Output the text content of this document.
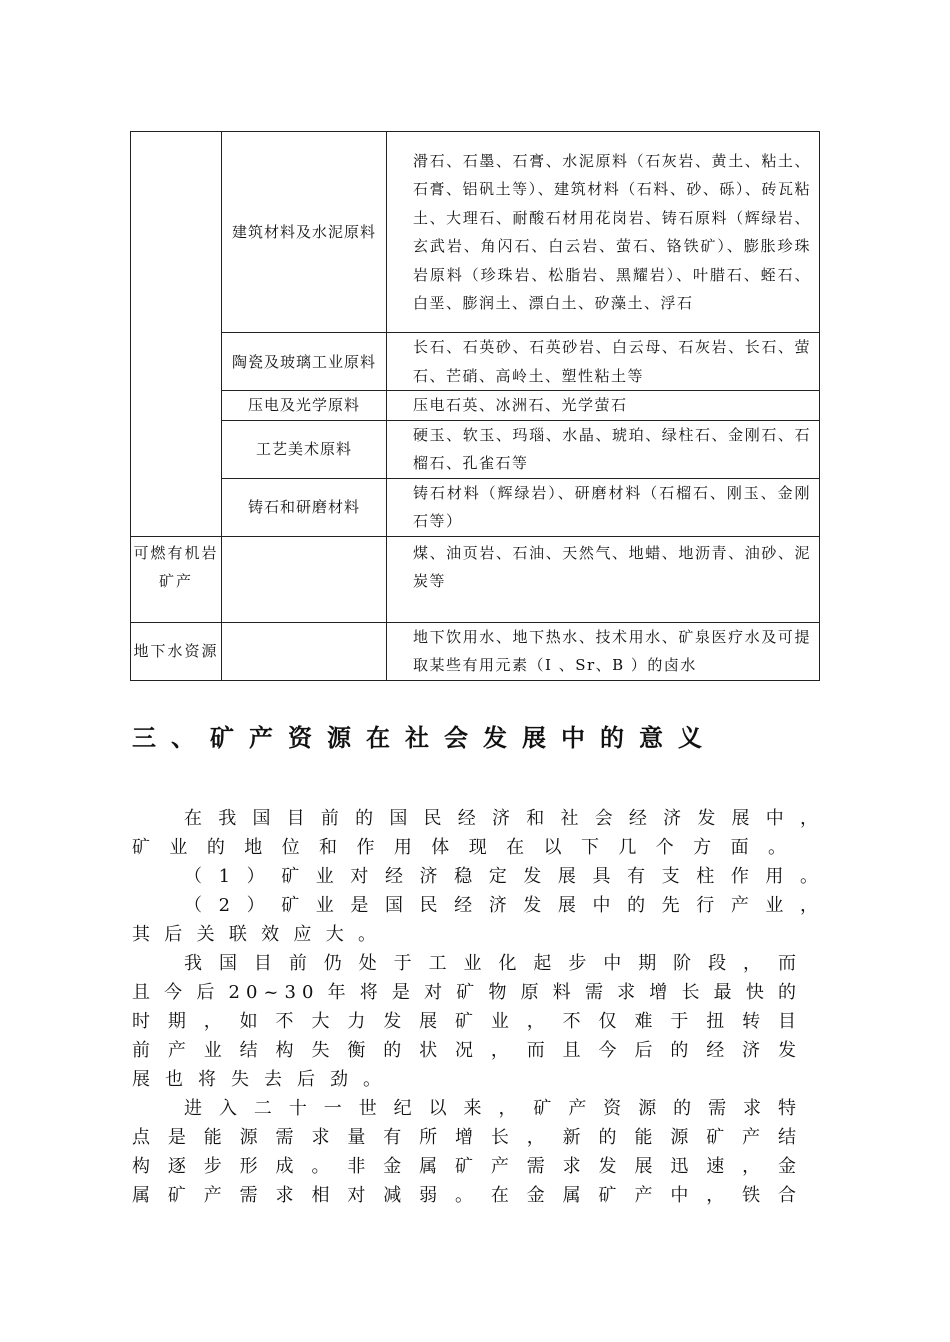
	建筑材料及水泥原料	滑石、石墨、石膏、水泥原料（石灰岩、黄土、粘土、石膏、铝矾土等）、建筑材料（石料、砂、砾）、砖瓦粘土、大理石、耐酸石材用花岗岩、铸石原料（辉绿岩、玄武岩、角闪石、白云岩、萤石、铬铁矿）、膨胀珍珠岩原料（珍珠岩、松脂岩、黑耀岩）、叶腊石、蛭石、白垩、膨润土、漂白土、矽藻土、浮石
	陶瓷及玻璃工业原料	长石、石英砂、石英砂岩、白云母、石灰岩、长石、萤石、芒硝、高岭土、塑性粘土等
	压电及光学原料	压电石英、冰洲石、光学萤石
	工艺美术原料	硬玉、软玉、玛瑙、水晶、琥珀、绿柱石、金刚石、石榴石、孔雀石等
	铸石和研磨材料	铸石材料（辉绿岩）、研磨材料（石榴石、刚玉、金刚石等）
可燃有机岩矿产		煤、油页岩、石油、天然气、地蜡、地沥青、油砂、泥炭等
地下水资源		地下饮用水、地下热水、技术用水、矿泉医疗水及可提取某些有用元素（I 、Sr、B ）的卤水
三、矿产资源在社会发展中的意义
在我国目前的国民经济和社会经济发展中，
矿业的地位和作用体现在以下几个方面。
（1）矿业对经济稳定发展具有支柱作用。
（2）矿业是国民经济发展中的先行产业，
其后关联效应大。
我国目前仍处于工业化起步中期阶段，而
且今后20~30年将是对矿物原料需求增长最快的
时期，如不大力发展矿业，不仅难于扭转目
前产业结构失衡的状况，而且今后的经济发
展也将失去后劲。
进入二十一世纪以来，矿产资源的需求特
点是能源需求量有所增长，新的能源矿产结
构逐步形成。非金属矿产需求发展迅速，金
属矿产需求相对减弱。在金属矿产中，铁合
